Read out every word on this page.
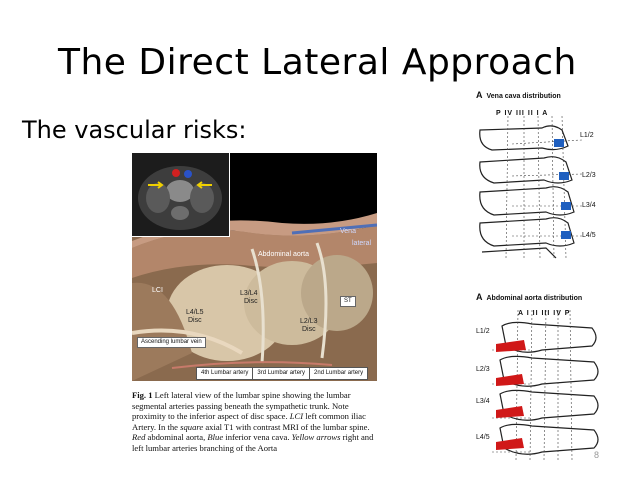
The Direct Lateral Approach
The vascular risks:
Vena
lateral
Abdominal aorta
LCI	L3/L4
Disc
L4/L5
Disc	L2/L3
Disc
ST
Ascending lumbar vein
4th Lumbar artery	3rd Lumbar artery	2nd Lumbar artery
Fig. 1 Left lateral view of the lumbar spine showing the lumbar segmental arteries passing beneath the sympathetic trunk. Note proximity to the inferior aspect of disc space. LCI left common iliac Artery. In the square axial T1 with contrast MRI of the lumbar spine. Red abdominal aorta, Blue inferior vena cava. Yellow arrows right and left lumbar arteries branching of the Aorta
A Vena cava distribution
P IV III II I A
L1/2
L2/3
L3/4
L4/5
A Abdominal aorta distribution
A I II III IV P
L1/2
L2/3
L3/4
L4/5
8
